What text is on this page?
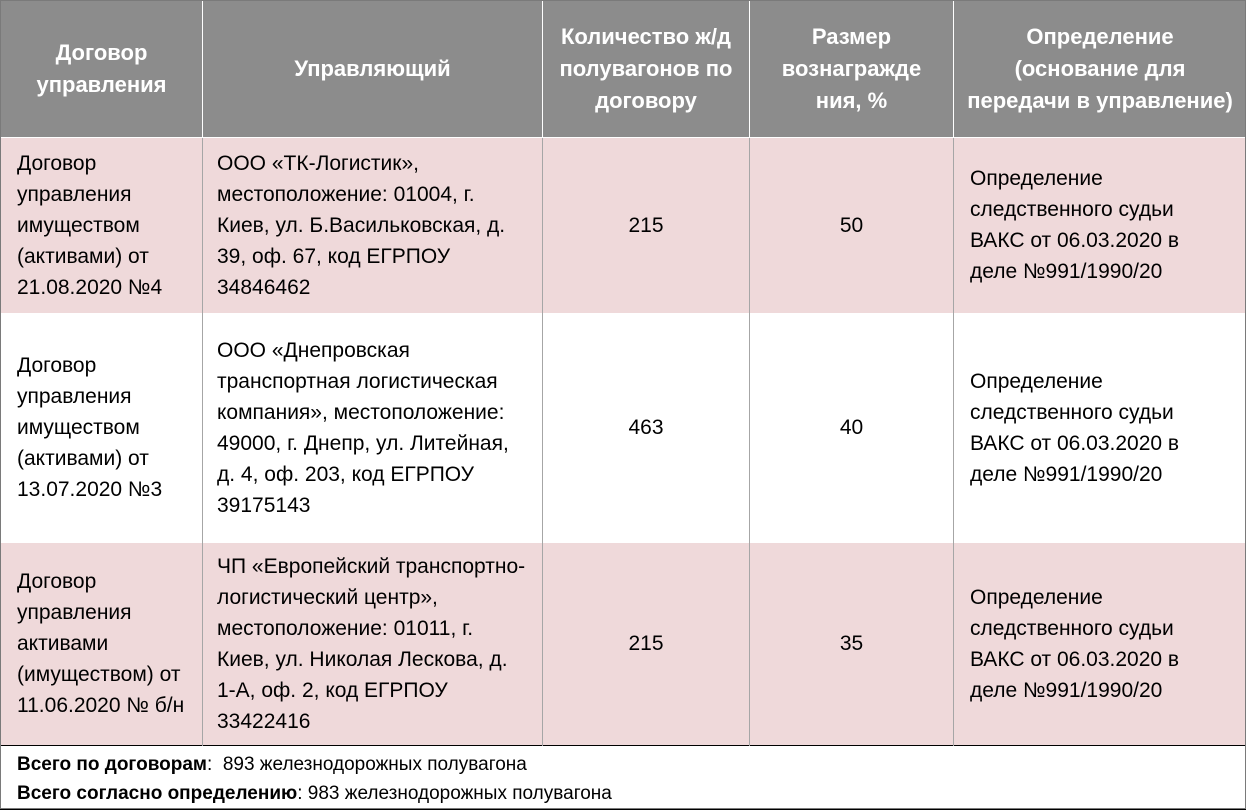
Договор управления	Управляющий	Количество ж/д полувагонов по договору	Размер вознагражде ния, %	Определение (основание для передачи в управление)
Договор управления имуществом (активами) от 21.08.2020 №4	ООО «ТК-Логистик», местоположение: 01004, г. Киев, ул. Б.Васильковская, д. 39, оф. 67, код ЕГРПОУ 34846462	215	50	Определение следственного судьи ВАКС от 06.03.2020 в деле №991/1990/20
Договор управления имуществом (активами) от 13.07.2020 №3	ООО «Днепровская транспортная логистическая компания», местоположение: 49000, г. Днепр, ул. Литейная, д. 4, оф. 203, код ЕГРПОУ 39175143	463	40	Определение следственного судьи ВАКС от 06.03.2020 в деле №991/1990/20
Договор управления активами (имуществом) от 11.06.2020 № б/н	ЧП «Европейский транспортно-логистический центр», местоположение: 01011, г. Киев, ул. Николая Лескова, д. 1-А, оф. 2, код ЕГРПОУ 33422416	215	35	Определение следственного судьи ВАКС от 06.03.2020 в деле №991/1990/20

Всего по договорам:  893 железнодорожных полувагона
Всего согласно определению: 983 железнодорожных полувагона				
